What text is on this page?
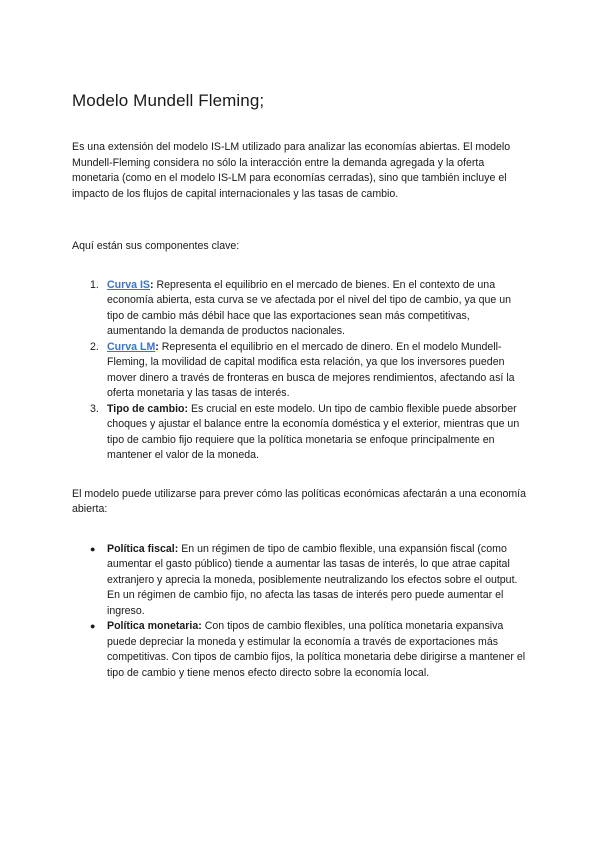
Modelo Mundell Fleming;

Es una extensión del modelo IS-LM utilizado para analizar las economías abiertas. El modelo Mundell-Fleming considera no sólo la interacción entre la demanda agregada y la oferta monetaria (como en el modelo IS-LM para economías cerradas), sino que también incluye el impacto de los flujos de capital internacionales y las tasas de cambio.

Aquí están sus componentes clave:

1. Curva IS: Representa el equilibrio en el mercado de bienes. En el contexto de una economía abierta, esta curva se ve afectada por el nivel del tipo de cambio, ya que un tipo de cambio más débil hace que las exportaciones sean más competitivas, aumentando la demanda de productos nacionales.
2. Curva LM: Representa el equilibrio en el mercado de dinero. En el modelo Mundell-Fleming, la movilidad de capital modifica esta relación, ya que los inversores pueden mover dinero a través de fronteras en busca de mejores rendimientos, afectando así la oferta monetaria y las tasas de interés.
3. Tipo de cambio: Es crucial en este modelo. Un tipo de cambio flexible puede absorber choques y ajustar el balance entre la economía doméstica y el exterior, mientras que un tipo de cambio fijo requiere que la política monetaria se enfoque principalmente en mantener el valor de la moneda.

El modelo puede utilizarse para prever cómo las políticas económicas afectarán a una economía abierta:

● Política fiscal: En un régimen de tipo de cambio flexible, una expansión fiscal (como aumentar el gasto público) tiende a aumentar las tasas de interés, lo que atrae capital extranjero y aprecia la moneda, posiblemente neutralizando los efectos sobre el output. En un régimen de cambio fijo, no afecta las tasas de interés pero puede aumentar el ingreso.
● Política monetaria: Con tipos de cambio flexibles, una política monetaria expansiva puede depreciar la moneda y estimular la economía a través de exportaciones más competitivas. Con tipos de cambio fijos, la política monetaria debe dirigirse a mantener el tipo de cambio y tiene menos efecto directo sobre la economía local.
